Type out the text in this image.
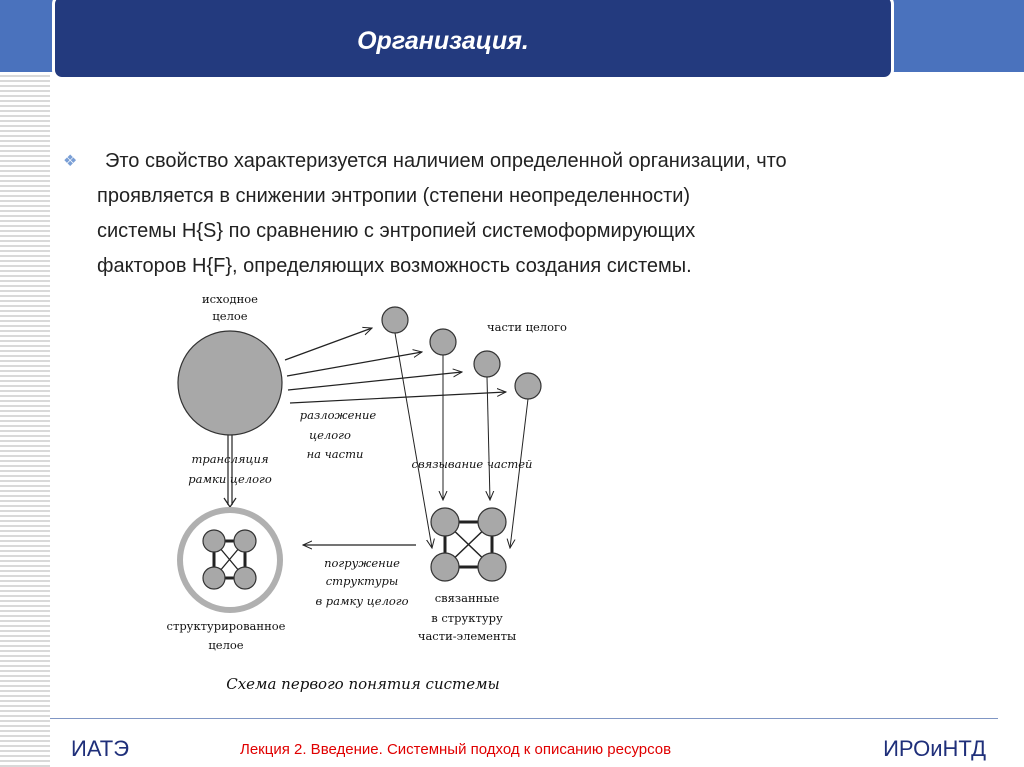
Организация.
❖	Это свойство характеризуется наличием определенной организации, что
проявляется в снижении энтропии (степени неопределенности)
системы H{S} по сравнению с энтропией системоформирующих
факторов H{F}, определяющих возможность создания системы.
исходное
целое
части целого
разложение
целого
на части
связывание частей
трансляция
рамки целого
погружение
структуры
в рамку целого связанные
в структуру
части-элементы
структурированное
целое
Схема первого понятия системы
ИАТЭ	Лекция 2. Введение. Системный подход к описанию ресурсов	ИРОиНТД
